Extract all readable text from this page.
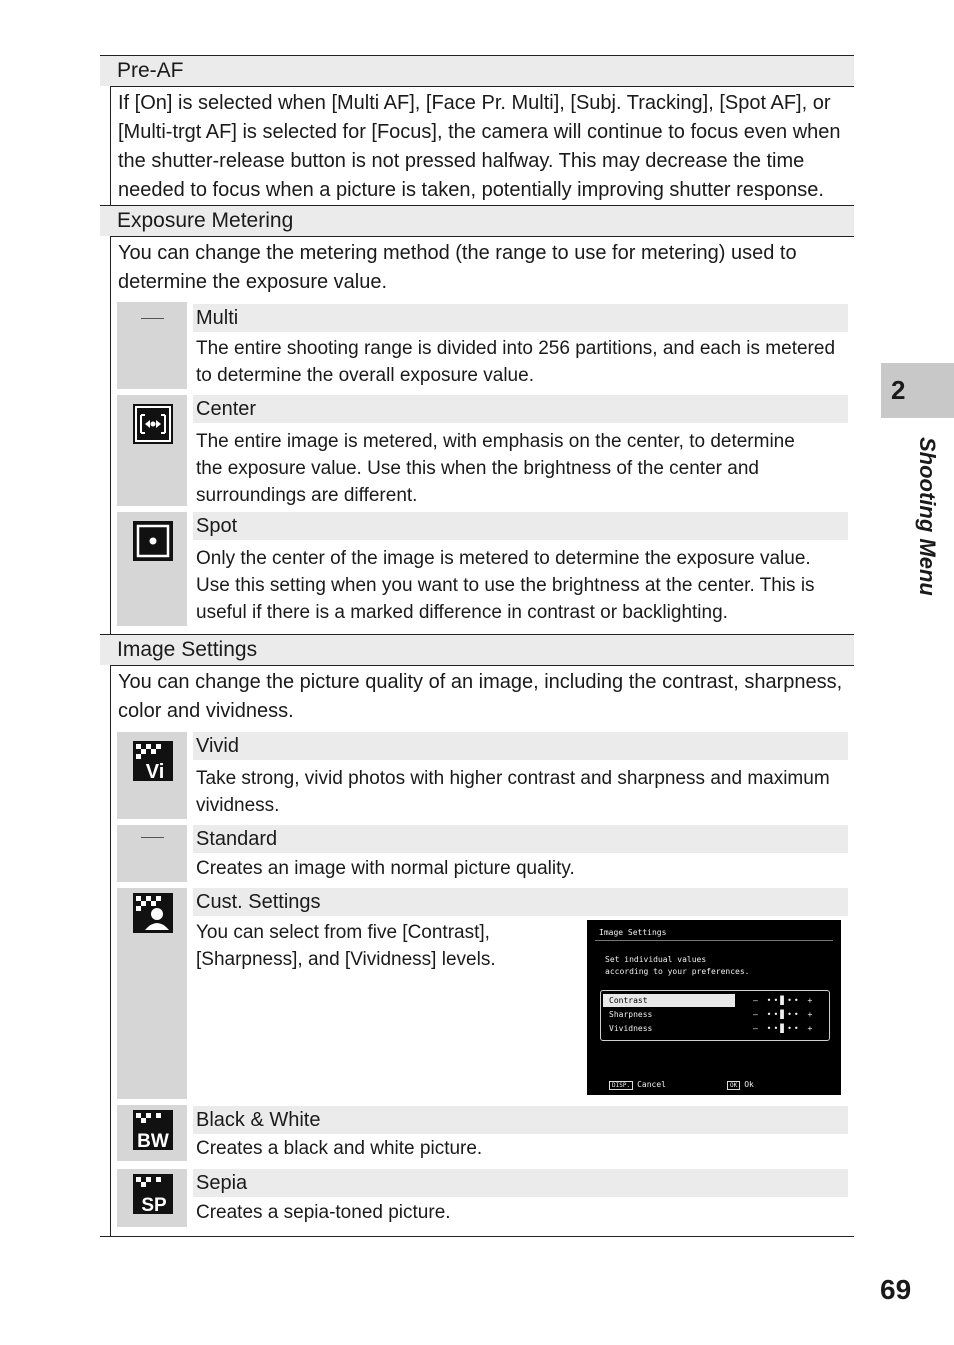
Pre-AF

If [On] is selected when [Multi AF], [Face Pr. Multi], [Subj. Tracking], [Spot AF], or

[Multi-trgt AF] is selected for [Focus], the camera will continue to focus even when

the shutter-release button is not pressed halfway. This may decrease the time

needed to focus when a picture is taken, potentially improving shutter response.

Exposure Metering

You can change the metering method (the range to use for metering) used to

determine the exposure value.

Multi
The entire shooting range is divided into 256 partitions, and each is metered
to determine the overall exposure value.
Center
The entire image is metered, with emphasis on the center, to determine
the exposure value. Use this when the brightness of the center and
surroundings are different.
Spot
Only the center of the image is metered to determine the exposure value.
Use this setting when you want to use the brightness at the center. This is
useful if there is a marked difference in contrast or backlighting.
Image Settings

You can change the picture quality of an image, including the contrast, sharpness,

color and vividness.

Vi
Vivid
Take strong, vivid photos with higher contrast and sharpness and maximum
vividness.
Standard
Creates an image with normal picture quality.
Cust. Settings
You can select from five [Contrast],
[Sharpness], and [Vividness] levels.
BW
Black & White
Creates a black and white picture.
SP
Sepia
Creates a sepia-toned picture.
Image Settings
Set individual values
according to your preferences.
Contrast	– ••▊•• +
Sharpness	– ••▊•• +
Vividness	– ••▊•• +
DISP. Cancel	OK Ok
2
Shooting Menu
69
